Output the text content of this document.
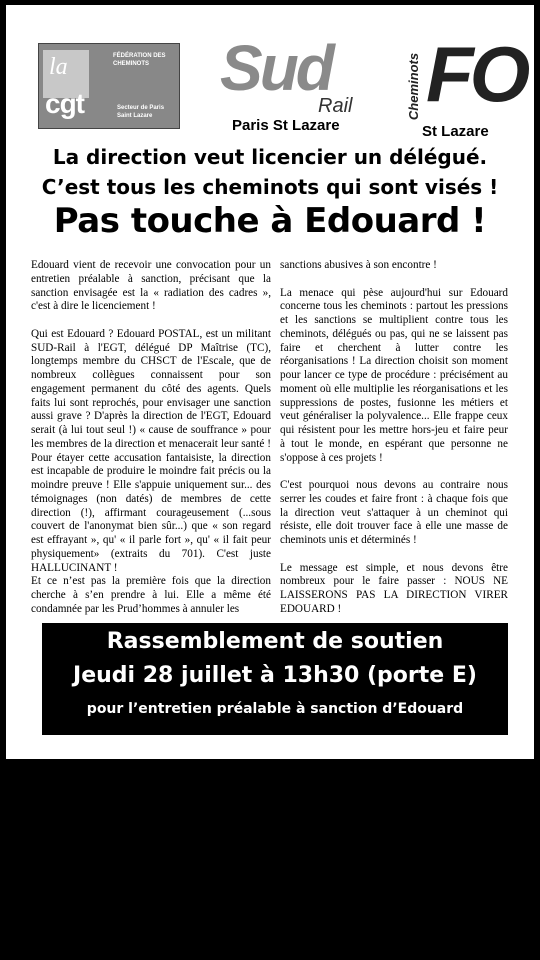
la
cgt
FÉDÉRATION DES CHEMINOTS
Secteur de Paris Saint Lazare
Sud
Rail
Paris St Lazare
FO
Cheminots
St Lazare
La direction veut licencier un délégué.
C’est tous les cheminots qui sont visés !
Pas touche à Edouard !

Edouard vient de recevoir une convocation pour un entretien préalable à sanction, précisant que la sanction envisagée est la « radiation des cadres », c'est à dire le licenciement !

Qui est Edouard ? Edouard POSTAL, est un militant SUD-Rail à l'EGT, délégué DP Maîtrise (TC), longtemps membre du CHSCT de l'Escale, que de nombreux collègues connaissent pour son engagement permanent du côté des agents. Quels faits lui sont reprochés, pour envisager une sanction aussi grave ? D'après la direction de l'EGT, Edouard serait (à lui tout seul !) « cause de souffrance » pour les membres de la direction et menacerait leur santé ! Pour étayer cette accusation fantaisiste, la direction est incapable de produire le moindre fait précis ou la moindre preuve ! Elle s'appuie uniquement sur... des témoignages (non datés) de membres de cette direction (!), affirmant courageusement (...sous couvert de l'anonymat bien sûr...) que « son regard est effrayant », qu' « il parle fort », qu' « il fait peur physiquement» (extraits du 701). C'est juste HALLUCINANT !

Et ce n’est pas la première fois que la direction cherche à s’en prendre à lui. Elle a même été condamnée par les Prud’hommes à annuler les

sanctions abusives à son encontre !

La menace qui pèse aujourd'hui sur Edouard concerne tous les cheminots : partout les pressions et les sanctions se multiplient contre tous les cheminots, délégués ou pas, qui ne se laissent pas faire et cherchent à lutter contre les réorganisations ! La direction choisit son moment pour lancer ce type de procédure : précisément au moment où elle multiplie les réorganisations et les suppressions de postes, fusionne les métiers et veut généraliser la polyvalence... Elle frappe ceux qui résistent pour les mettre hors-jeu et faire peur à tout le monde, en espérant que personne ne s'oppose à ces projets !

C'est pourquoi nous devons au contraire nous serrer les coudes et faire front : à chaque fois que la direction veut s'attaquer à un cheminot qui résiste, elle doit trouver face à elle une masse de cheminots unis et déterminés !

Le message est simple, et nous devons être nombreux pour le faire passer : NOUS NE LAISSERONS PAS LA DIRECTION VIRER EDOUARD !

Rassemblement de soutien
Jeudi 28 juillet à 13h30 (porte E)
pour l’entretien préalable à sanction d’Edouard
